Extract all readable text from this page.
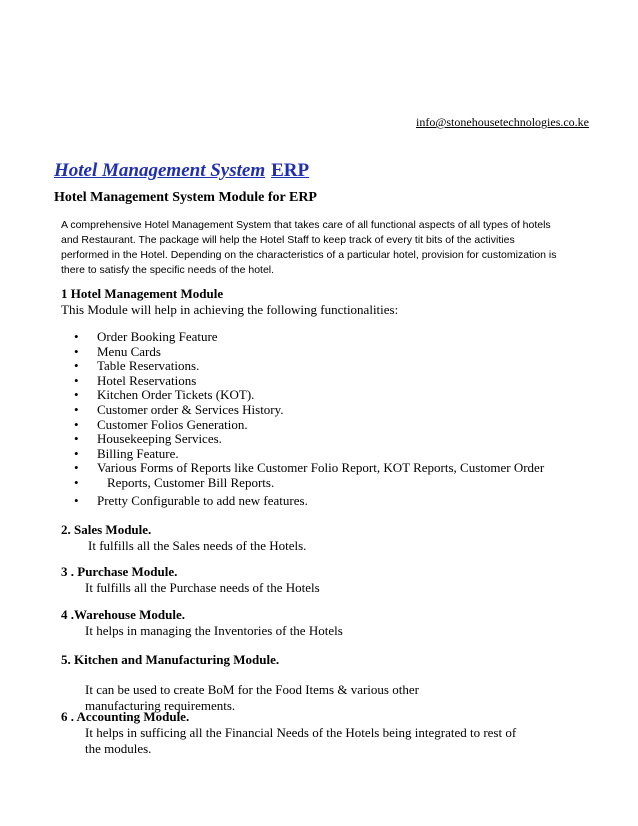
info@stonehousetechnologies.co.ke
Hotel Management System ERP
Hotel Management System Module for ERP
A comprehensive Hotel Management System that takes care of all functional aspects of all types of hotels and Restaurant. The package will help the Hotel Staff to keep track of every tit bits of the activities performed in the Hotel. Depending on the characteristics of a particular hotel, provision for customization is there to satisfy the specific needs of the hotel.
1 Hotel Management Module
This Module will help in achieving the following functionalities:
• Order Booking Feature
• Menu Cards
• Table Reservations.
• Hotel Reservations
• Kitchen Order Tickets (KOT).
• Customer order & Services History.
• Customer Folios Generation.
• Housekeeping Services.
• Billing Feature.
• Various Forms of Reports like Customer Folio Report, KOT Reports, Customer Order
• Reports, Customer Bill Reports.
• Pretty Configurable to add new features.
2. Sales Module.
It fulfills all the Sales needs of the Hotels.
3 . Purchase Module.
It fulfills all the Purchase needs of the Hotels
4 .Warehouse Module.
It helps in managing the Inventories of the Hotels
5. Kitchen and Manufacturing Module.
It can be used to create BoM for the Food Items & various other
manufacturing requirements.
6 . Accounting Module.
It helps in sufficing all the Financial Needs of the Hotels being integrated to rest of
the modules.
